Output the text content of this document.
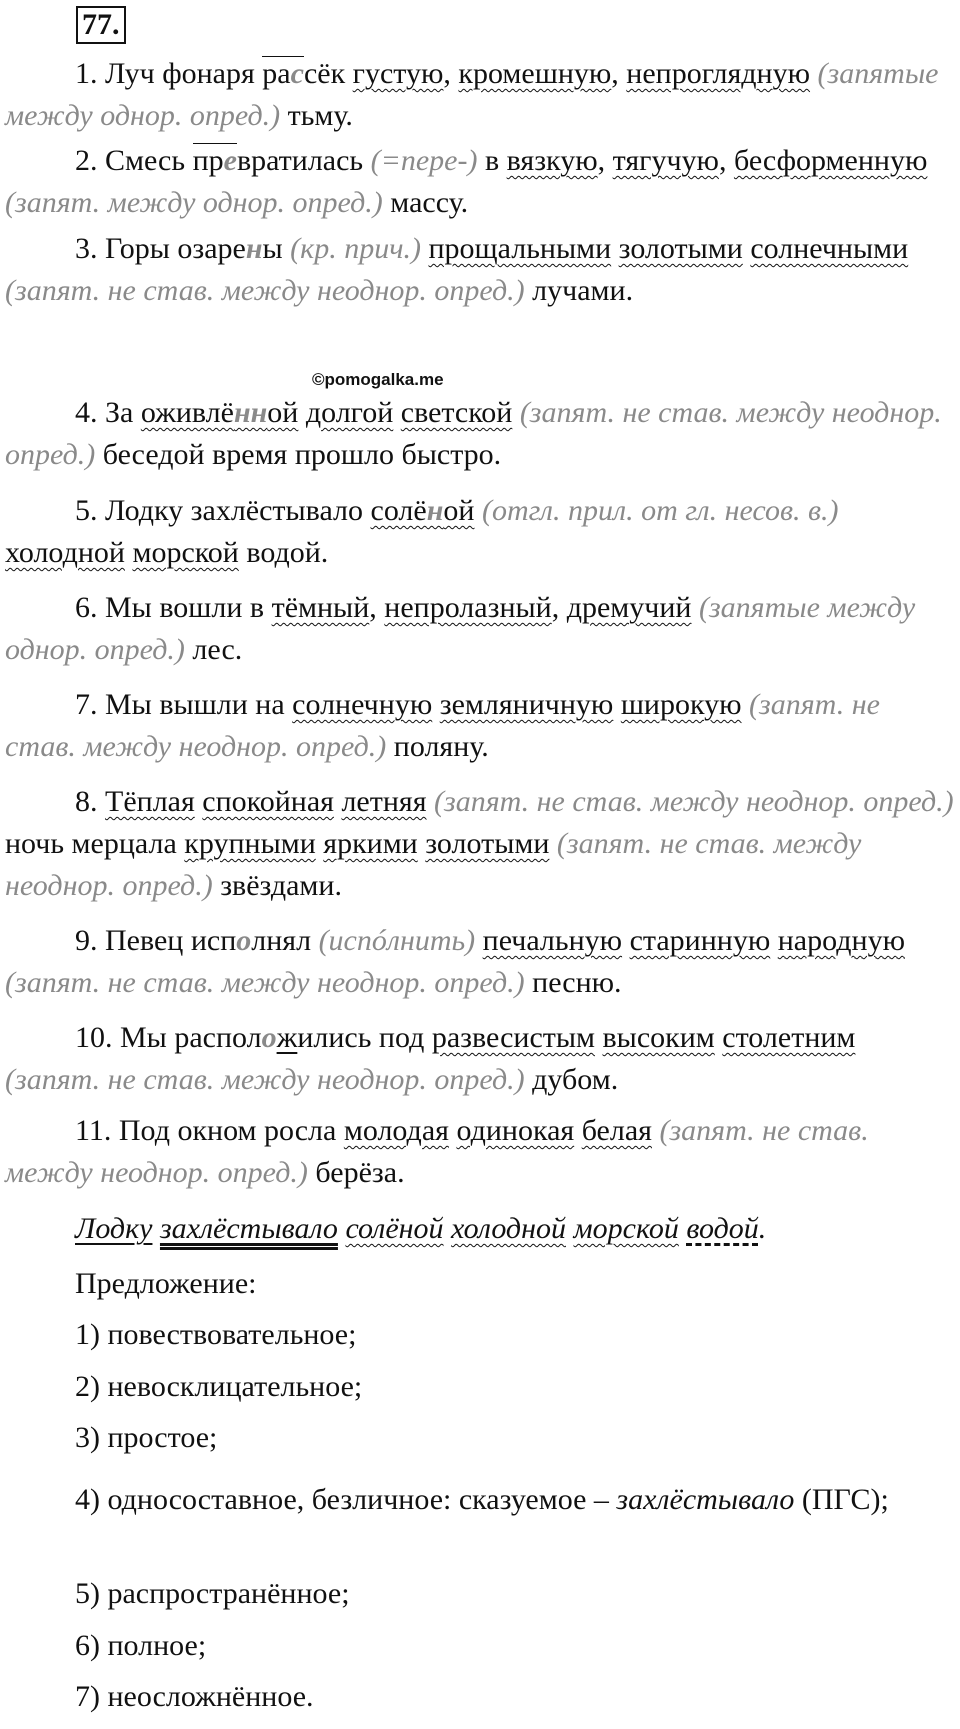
77.

1. Луч фонаря рассёк густую, кромешную, непроглядную (запятые между однор. опред.) тьму.

2. Смесь превратилась (=пере-) в вязкую, тягучую, бесформенную (запят. между однор. опред.) массу.

3. Горы озарены (кр. прич.) прощальными золотыми солнечными (запят. не став. между неоднор. опред.) лучами.

©pomogalka.me

4. За оживлённой долгой светской (запят. не став. между неоднор. опред.) беседой время прошло быстро.

5. Лодку захлёстывало солёной (отгл. прил. от гл. несов. в.) холодной морской водой.

6. Мы вошли в тёмный, непролазный, дремучий (запятые между однор. опред.) лес.

7. Мы вышли на солнечную земляничную широкую (запят. не став. между неоднор. опред.) поляну.

8. Тёплая спокойная летняя (запят. не став. между неоднор. опред.) ночь мерцала крупными яркими золотыми (запят. не став. между неоднор. опред.) звёздами.

9. Певец исполнял (испóлнить) печальную старинную народную (запят. не став. между неоднор. опред.) песню.

10. Мы расположились под развесистым высоким столетним (запят. не став. между неоднор. опред.) дубом.

11. Под окном росла молодая одинокая белая (запят. не став. между неоднор. опред.) берёза.

Лодку захлёстывало солёной холодной морской водой.

Предложение:

1) повествовательное;

2) невосклицательное;

3) простое;

4) односоставное, безличное: сказуемое – захлёстывало (ПГС);

5) распространённое;

6) полное;

7) неосложнённое.
